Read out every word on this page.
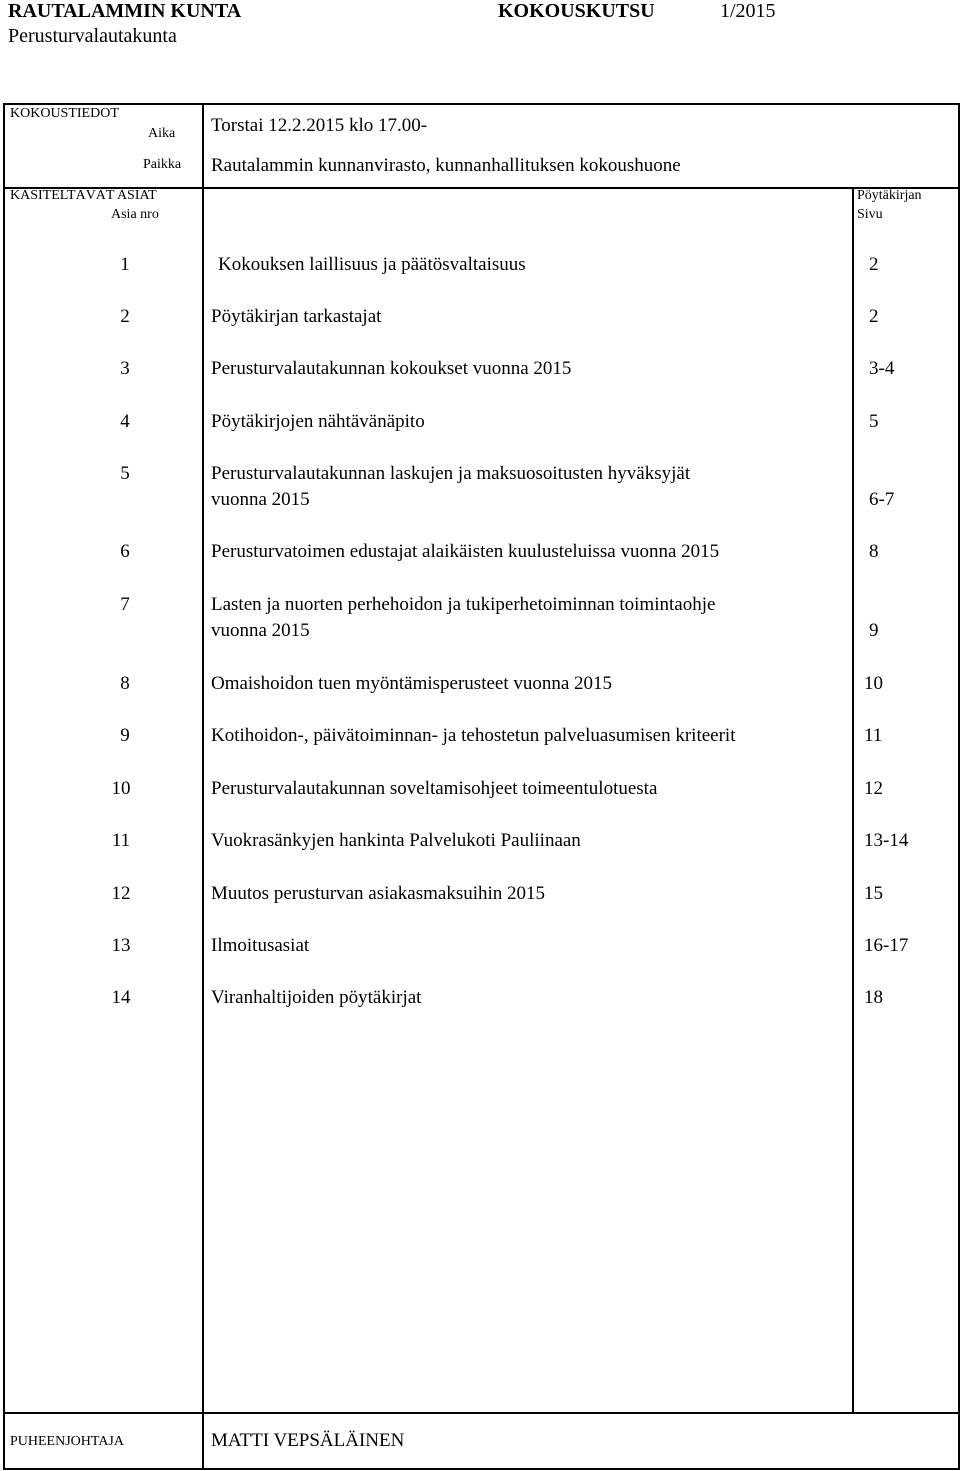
RAUTALAMMIN KUNTA	KOKOUSKUTSU	1/2015
Perusturvalautakunta
KOKOUSTIEDOT
Aika Torstai 12.2.2015 klo 17.00-
Paikka Rautalammin kunnanvirasto, kunnanhallituksen kokoushuone
KÄSITELTÄVÄT ASIAT
Asia nro
Pöytäkirjan
Sivu
1	Kokouksen laillisuus ja päätösvaltaisuus	2
2	Pöytäkirjan tarkastajat	2
3	Perusturvalautakunnan kokoukset vuonna 2015	3-4
4	Pöytäkirjojen nähtävänäpito	5
5	Perusturvalautakunnan laskujen ja maksuosoitusten hyväksyjät
vuonna 2015	6-7
6	Perusturvatoimen edustajat alaikäisten kuulusteluissa vuonna 2015	8
7	Lasten ja nuorten perhehoidon ja tukiperhetoiminnan toimintaohje
vuonna 2015	9
8	Omaishoidon tuen myöntämisperusteet vuonna 2015	10
9	Kotihoidon-, päivätoiminnan- ja tehostetun palveluasumisen kriteerit	11
10	Perusturvalautakunnan soveltamisohjeet toimeentulotuesta	12
11	Vuokrasänkyjen hankinta Palvelukoti Pauliinaan	13-14
12	Muutos perusturvan asiakasmaksuihin 2015	15
13	Ilmoitusasiat	16-17
14	Viranhaltijoiden pöytäkirjat	18
PUHEENJOHTAJA	MATTI VEPSÄLÄINEN
